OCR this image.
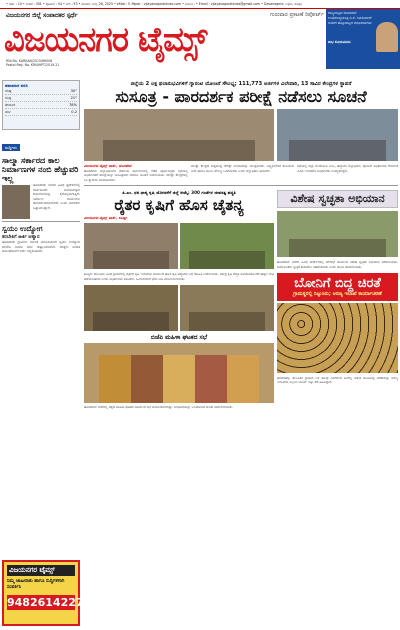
• ವರ್ಷ : 10 • ಸಂಚಿಕೆ : 301 • ಪುಟಗಳು : 04 • ಬೆಲೆ : ₹3 • ಶನಿವಾರ, ಜುಲೈ 26, 2025 • eMail : E-Paper : vijayanagaratimes.com • ದಿನಾಂಕ : • Email : vijayanagaratimes@gmail.com • Davanagere, ಬಳ್ಳಾರಿ, ಕೊಪ್ಪಳ
ವಿಜಯನಗರ ಜಿಲ್ಲೆ ಸಂಪಾದಕರ ಸ್ಫರ್ಧೆ	ಗುರುವಾರ ಪ್ರಕಟಣೆ ರಿಪೋರ್ಟ್
ವಿಜಯನಗರ ಟೈಮ್ಸ್
RNI No. KARKAN/2015/66008
Postal Reg. No. KRN/HPT/2019-21
ರಾಜ್ಯಮಟ್ಟದ ರಾಜಕಾರಣಿ ಉಪಮುಖ್ಯಮಂತ್ರಿ ಡಿ.ಕೆ. ಶಿವಕುಮಾರ್ ಅವರಿಗೆ ಹುಟ್ಟುಹಬ್ಬದ ಶುಭಾಶಯಗಳು
ಶುಭ ಕೋರುವವರು
ಹವಾಮಾನ ವರದಿ
ಗರಿಷ್ಠ	30°
ಕನಿಷ್ಠ	21°
ತೇವಾಂಶ	78%
ಮಳೆ	0.2
ಸುದ್ದಿಗಳು
ಸಾಲ್ಮಾ ಸರ್ಕಾರದ ಕಾಲ ನಿರ್ಮಾಣಗಳ ನಂಬಿ ಹೆಚ್ಚುವರಿ ಇಲ್ಲ
ಹೊಸಪೇಟೆ: ನಗರದ ವಿವಿಧ ಪ್ರದೇಶಗಳಲ್ಲಿ ಸಾರ್ವಜನಿಕರ ಅನುಕೂಲಕ್ಕಾಗಿ ಕಾಮಗಾರಿಗಳನ್ನು ಕೈಗೊಳ್ಳಲಾಗುತ್ತಿದೆ. ನಿರ್ಮಾಣ ಕಾರ್ಯಗಳು ಪಾರದರ್ಶಕವಾಗಿರಬೇಕು ಎಂದು ನಾಗರಿಕರು ಒತ್ತಾಯಿಸಿದ್ದಾರೆ.
ಸ್ವಯಂ ಉದ್ಯೋಗ
ತರಬೇತಿಗೆ ಅರ್ಜಿ ಆಹ್ವಾನ
ಹೊಸಪೇಟೆ: ಗ್ರಾಮೀಣ ಯುವಕ ಯುವತಿಯರಿಗೆ ಸ್ವಯಂ ಉದ್ಯೋಗ ತರಬೇತಿ ನೀಡಲು ಅರ್ಜಿ ಆಹ್ವಾನಿಸಲಾಗಿದೆ. ಆಸಕ್ತರು ನಿಗದಿತ ದಿನಾಂಕದೊಳಗೆ ಅರ್ಜಿ ಸಲ್ಲಿಸಬಹುದು.
ವಿಜಯನಗರ ಟೈಮ್ಸ್
ನಿಮ್ಮ ಜಾಹೀರಾತು ಹಾಗೂ ಸುದ್ದಿಗಳಿಗಾಗಿ ಸಂಪರ್ಕಿಸಿ
9482614227
ಜಿಲ್ಲೆಯ 2 ಲಕ್ಷ ಫಲಾನುಭವಿಗಳಿಗೆ ಗ್ಯಾರಂಟಿ ಯೋಜನೆ ಸೌಲಭ್ಯ; 111,773 ಅರ್ಜಿಗಳ ವಿಲೇವಾರಿ, 13 ಸಾವಿರ ಕೇಂದ್ರಗಳ ಸ್ಥಾಪನೆ
ಸುಸೂತ್ರ - ಪಾರದರ್ಶಕ ಪರೀಕ್ಷೆ ನಡೆಸಲು ಸೂಚನೆ
ವಿಜಯನಗರ ಟೈಮ್ಸ್ ವಾರ್ತೆ, ಹೊಸಪೇಟೆ
ಹೊಸಪೇಟೆ: ಜಿಲ್ಲಾಧಿಕಾರಿಗಳ ಕಚೇರಿಯ ಸಭಾಂಗಣದಲ್ಲಿ ನಡೆದ ಪೂರ್ವಸಿದ್ಧತಾ ಸಭೆಯಲ್ಲಿ ಅಧಿಕಾರಿಗಳಿಗೆ ಪರೀಕ್ಷೆಯನ್ನು ಸುಸೂತ್ರವಾಗಿ ನಡೆಸಲು ಸೂಚನೆ ನೀಡಲಾಯಿತು. ಪರೀಕ್ಷಾ ಕೇಂದ್ರಗಳಲ್ಲಿ ಸಿಸಿ ಕ್ಯಾಮೆರಾ ಅಳವಡಿಸಬೇಕು.
ಪರೀಕ್ಷಾ ಕೇಂದ್ರದ ಸುತ್ತಮುತ್ತ ಜೆರಾಕ್ಸ್ ಅಂಗಡಿಗಳನ್ನು ಮುಚ್ಚಿಸಬೇಕು. ಅಭ್ಯರ್ಥಿಗಳಿಗೆ ಕುಡಿಯುವ ನೀರು ಹಾಗೂ ಮೂಲ ಸೌಲಭ್ಯ ಒದಗಿಸಬೇಕು ಎಂದು ಜಿಲ್ಲಾಧಿಕಾರಿ ತಿಳಿಸಿದರು.
ಸಭೆಯಲ್ಲಿ ಜಿಲ್ಲಾ ಪಂಚಾಯಿತಿ ಸಿಇಒ, ಹೆಚ್ಚುವರಿ ಜಿಲ್ಲಾಧಿಕಾರಿ, ಪೊಲೀಸ್ ಅಧಿಕಾರಿಗಳು ಸೇರಿದಂತೆ ವಿವಿಧ ಇಲಾಖೆಗಳ ಅಧಿಕಾರಿಗಳು ಉಪಸ್ಥಿತರಿದ್ದರು.
ಪಿ.ಎಂ. ಧನ ಧಾನ್ಯ ಕೃಷಿ ಯೋಜನೆಗೆ ಜಿಲ್ಲೆ ಆಯ್ಕೆ; 300 ಗಂಟೆಗಳ ಜೀವಸತ್ವ ಪದ್ಧತಿ
ರೈತರ ಕೃಷಿಗೆ ಹೊಸ ಚೈತನ್ಯ
ವಿಜಯನಗರ ಟೈಮ್ಸ್ ವಾರ್ತೆ, ಕೂಡ್ಲಿಗಿ
ಕೂಡ್ಲಿಗಿ: ತಾಲೂಕಿನ ವಿವಿಧ ಗ್ರಾಮಗಳಲ್ಲಿ ರೈತರಿಗೆ ಕೃಷಿ ಇಲಾಖೆಯ ವತಿಯಿಂದ ಹೊಸ ಕೃಷಿ ಪದ್ಧತಿಗಳ ಬಗ್ಗೆ ಮಾಹಿತಿ ನೀಡಲಾಯಿತು. ಸಮಗ್ರ ಕೃಷಿ ಪದ್ಧತಿ ಅಳವಡಿಸಿಕೊಂಡರೆ ಹೆಚ್ಚಿನ ಲಾಭ ಪಡೆಯಬಹುದು ಎಂದು ಅಧಿಕಾರಿಗಳು ತಿಳಿಸಿದರು. ಜಮೀನುಗಳಿಗೆ ಭೇಟಿ ನೀಡಿ ಪರಿಶೀಲಿಸಲಾಯಿತು.
ಬಿಜೆಪಿ ಮಹಿಳಾ ಘಟಕದ ಸಭೆ
ಹೊಸಪೇಟೆ: ನಗರದಲ್ಲಿ ಪಕ್ಷದ ಮಹಿಳಾ ಘಟಕದ ವತಿಯಿಂದ ಸಭೆ ಆಯೋಜಿಸಲಾಗಿತ್ತು. ಸಂಘಟನೆಯನ್ನು ಬಲಪಡಿಸುವ ಕುರಿತು ಚರ್ಚಿಸಲಾಯಿತು.
ವಿಶೇಷ ಸ್ವಚ್ಛತಾ ಅಭಿಯಾನ
ಹೊಸಪೇಟೆ: ನಗರದ ವಿವಿಧ ವಾರ್ಡ್‌ಗಳಲ್ಲಿ ನಗರಸಭೆ ವತಿಯಿಂದ ವಿಶೇಷ ಸ್ವಚ್ಛತಾ ಅಭಿಯಾನ ನಡೆಸಲಾಯಿತು. ಸಾರ್ವಜನಿಕರು ಸ್ವಚ್ಛತೆ ಕಾಪಾಡಲು ಸಹಕರಿಸಬೇಕು ಎಂದು ಮನವಿ ಮಾಡಲಾಯಿತು.
ಬೋನಿಗೆ ಬಿದ್ದ ಚಿರತೆ
ಗ್ರಾಮಸ್ಥರಲ್ಲಿ ನಿಟ್ಟುಸಿರು; ಅರಣ್ಯ ಇಲಾಖೆ ಕಾರ್ಯಾಚರಣೆ
ಹರಪನಹಳ್ಳಿ: ತಾಲೂಕಿನ ಗ್ರಾಮದ ಬಳಿ ಹಲವು ದಿನಗಳಿಂದ ಜನರಲ್ಲಿ ಆತಂಕ ಮೂಡಿಸಿದ್ದ ಚಿರತೆಯನ್ನು ಅರಣ್ಯ ಇಲಾಖೆಯ ಸಿಬ್ಬಂದಿ ಬೋನ್ ಇಟ್ಟು ಸೆರೆ ಹಿಡಿದಿದ್ದಾರೆ.
